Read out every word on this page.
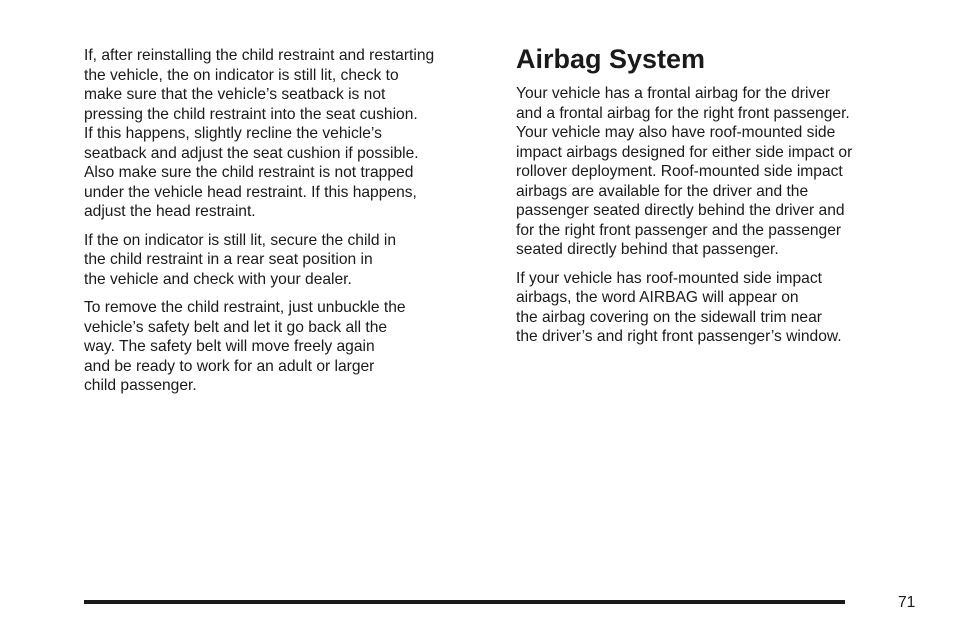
If, after reinstalling the child restraint and restarting
the vehicle, the on indicator is still lit, check to
make sure that the vehicle’s seatback is not
pressing the child restraint into the seat cushion.
If this happens, slightly recline the vehicle’s
seatback and adjust the seat cushion if possible.
Also make sure the child restraint is not trapped
under the vehicle head restraint. If this happens,
adjust the head restraint.

If the on indicator is still lit, secure the child in
the child restraint in a rear seat position in
the vehicle and check with your dealer.

To remove the child restraint, just unbuckle the
vehicle’s safety belt and let it go back all the
way. The safety belt will move freely again
and be ready to work for an adult or larger
child passenger.

Airbag System

Your vehicle has a frontal airbag for the driver
and a frontal airbag for the right front passenger.
Your vehicle may also have roof-mounted side
impact airbags designed for either side impact or
rollover deployment. Roof-mounted side impact
airbags are available for the driver and the
passenger seated directly behind the driver and
for the right front passenger and the passenger
seated directly behind that passenger.

If your vehicle has roof-mounted side impact
airbags, the word AIRBAG will appear on
the airbag covering on the sidewall trim near
the driver’s and right front passenger’s window.

71
